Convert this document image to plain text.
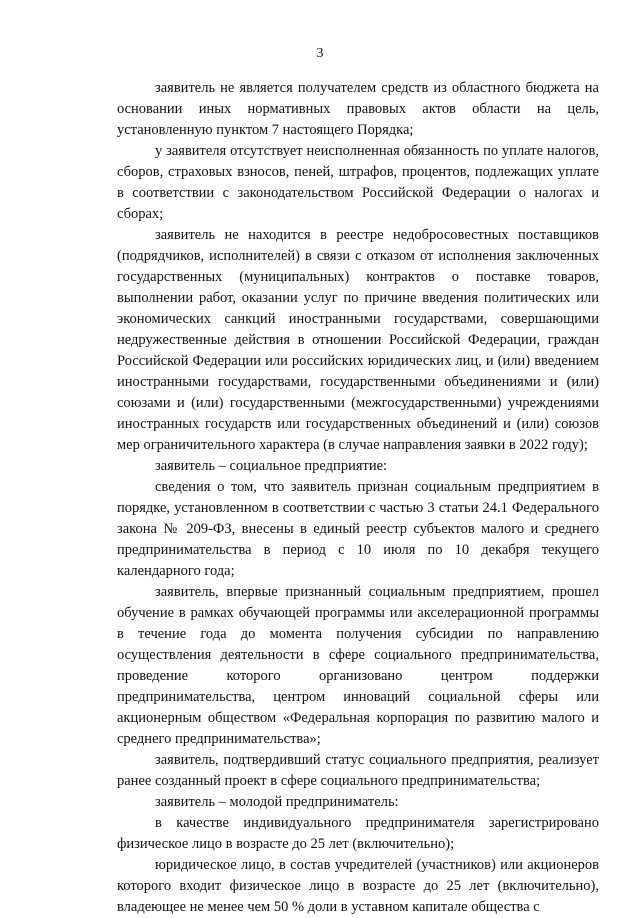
3

заявитель не является получателем средств из областного бюджета на основании иных нормативных правовых актов области на цель, установленную пунктом 7 настоящего Порядка;

у заявителя отсутствует неисполненная обязанность по уплате налогов, сборов, страховых взносов, пеней, штрафов, процентов, подлежащих уплате в соответствии с законодательством Российской Федерации о налогах и сборах;

заявитель не находится в реестре недобросовестных поставщиков (подрядчиков, исполнителей) в связи с отказом от исполнения заключенных государственных (муниципальных) контрактов о поставке товаров, выполнении работ, оказании услуг по причине введения политических или экономических санкций иностранными государствами, совершающими недружественные действия в отношении Российской Федерации, граждан Российской Федерации или российских юридических лиц, и (или) введением иностранными государствами, государственными объединениями и (или) союзами и (или) государственными (межгосударственными) учреждениями иностранных государств или государственных объединений и (или) союзов мер ограничительного характера (в случае направления заявки в 2022 году);

заявитель – социальное предприятие:

сведения о том, что заявитель признан социальным предприятием в порядке, установленном в соответствии с частью 3 статьи 24.1 Федерального закона № 209-ФЗ, внесены в единый реестр субъектов малого и среднего предпринимательства в период с 10 июля по 10 декабря текущего календарного года;

заявитель, впервые признанный социальным предприятием, прошел обучение в рамках обучающей программы или акселерационной программы в течение года до момента получения субсидии по направлению осуществления деятельности в сфере социального предпринимательства, проведение которого организовано центром поддержки предпринимательства, центром инноваций социальной сферы или акционерным обществом «Федеральная корпорация по развитию малого и среднего предпринимательства»;

заявитель, подтвердивший статус социального предприятия, реализует ранее созданный проект в сфере социального предпринимательства;

заявитель – молодой предприниматель:

в качестве индивидуального предпринимателя зарегистрировано физическое лицо в возрасте до 25 лет (включительно);

юридическое лицо, в состав учредителей (участников) или акционеров которого входит физическое лицо в возрасте до 25 лет (включительно), владеющее не менее чем 50 % доли в уставном капитале общества с
